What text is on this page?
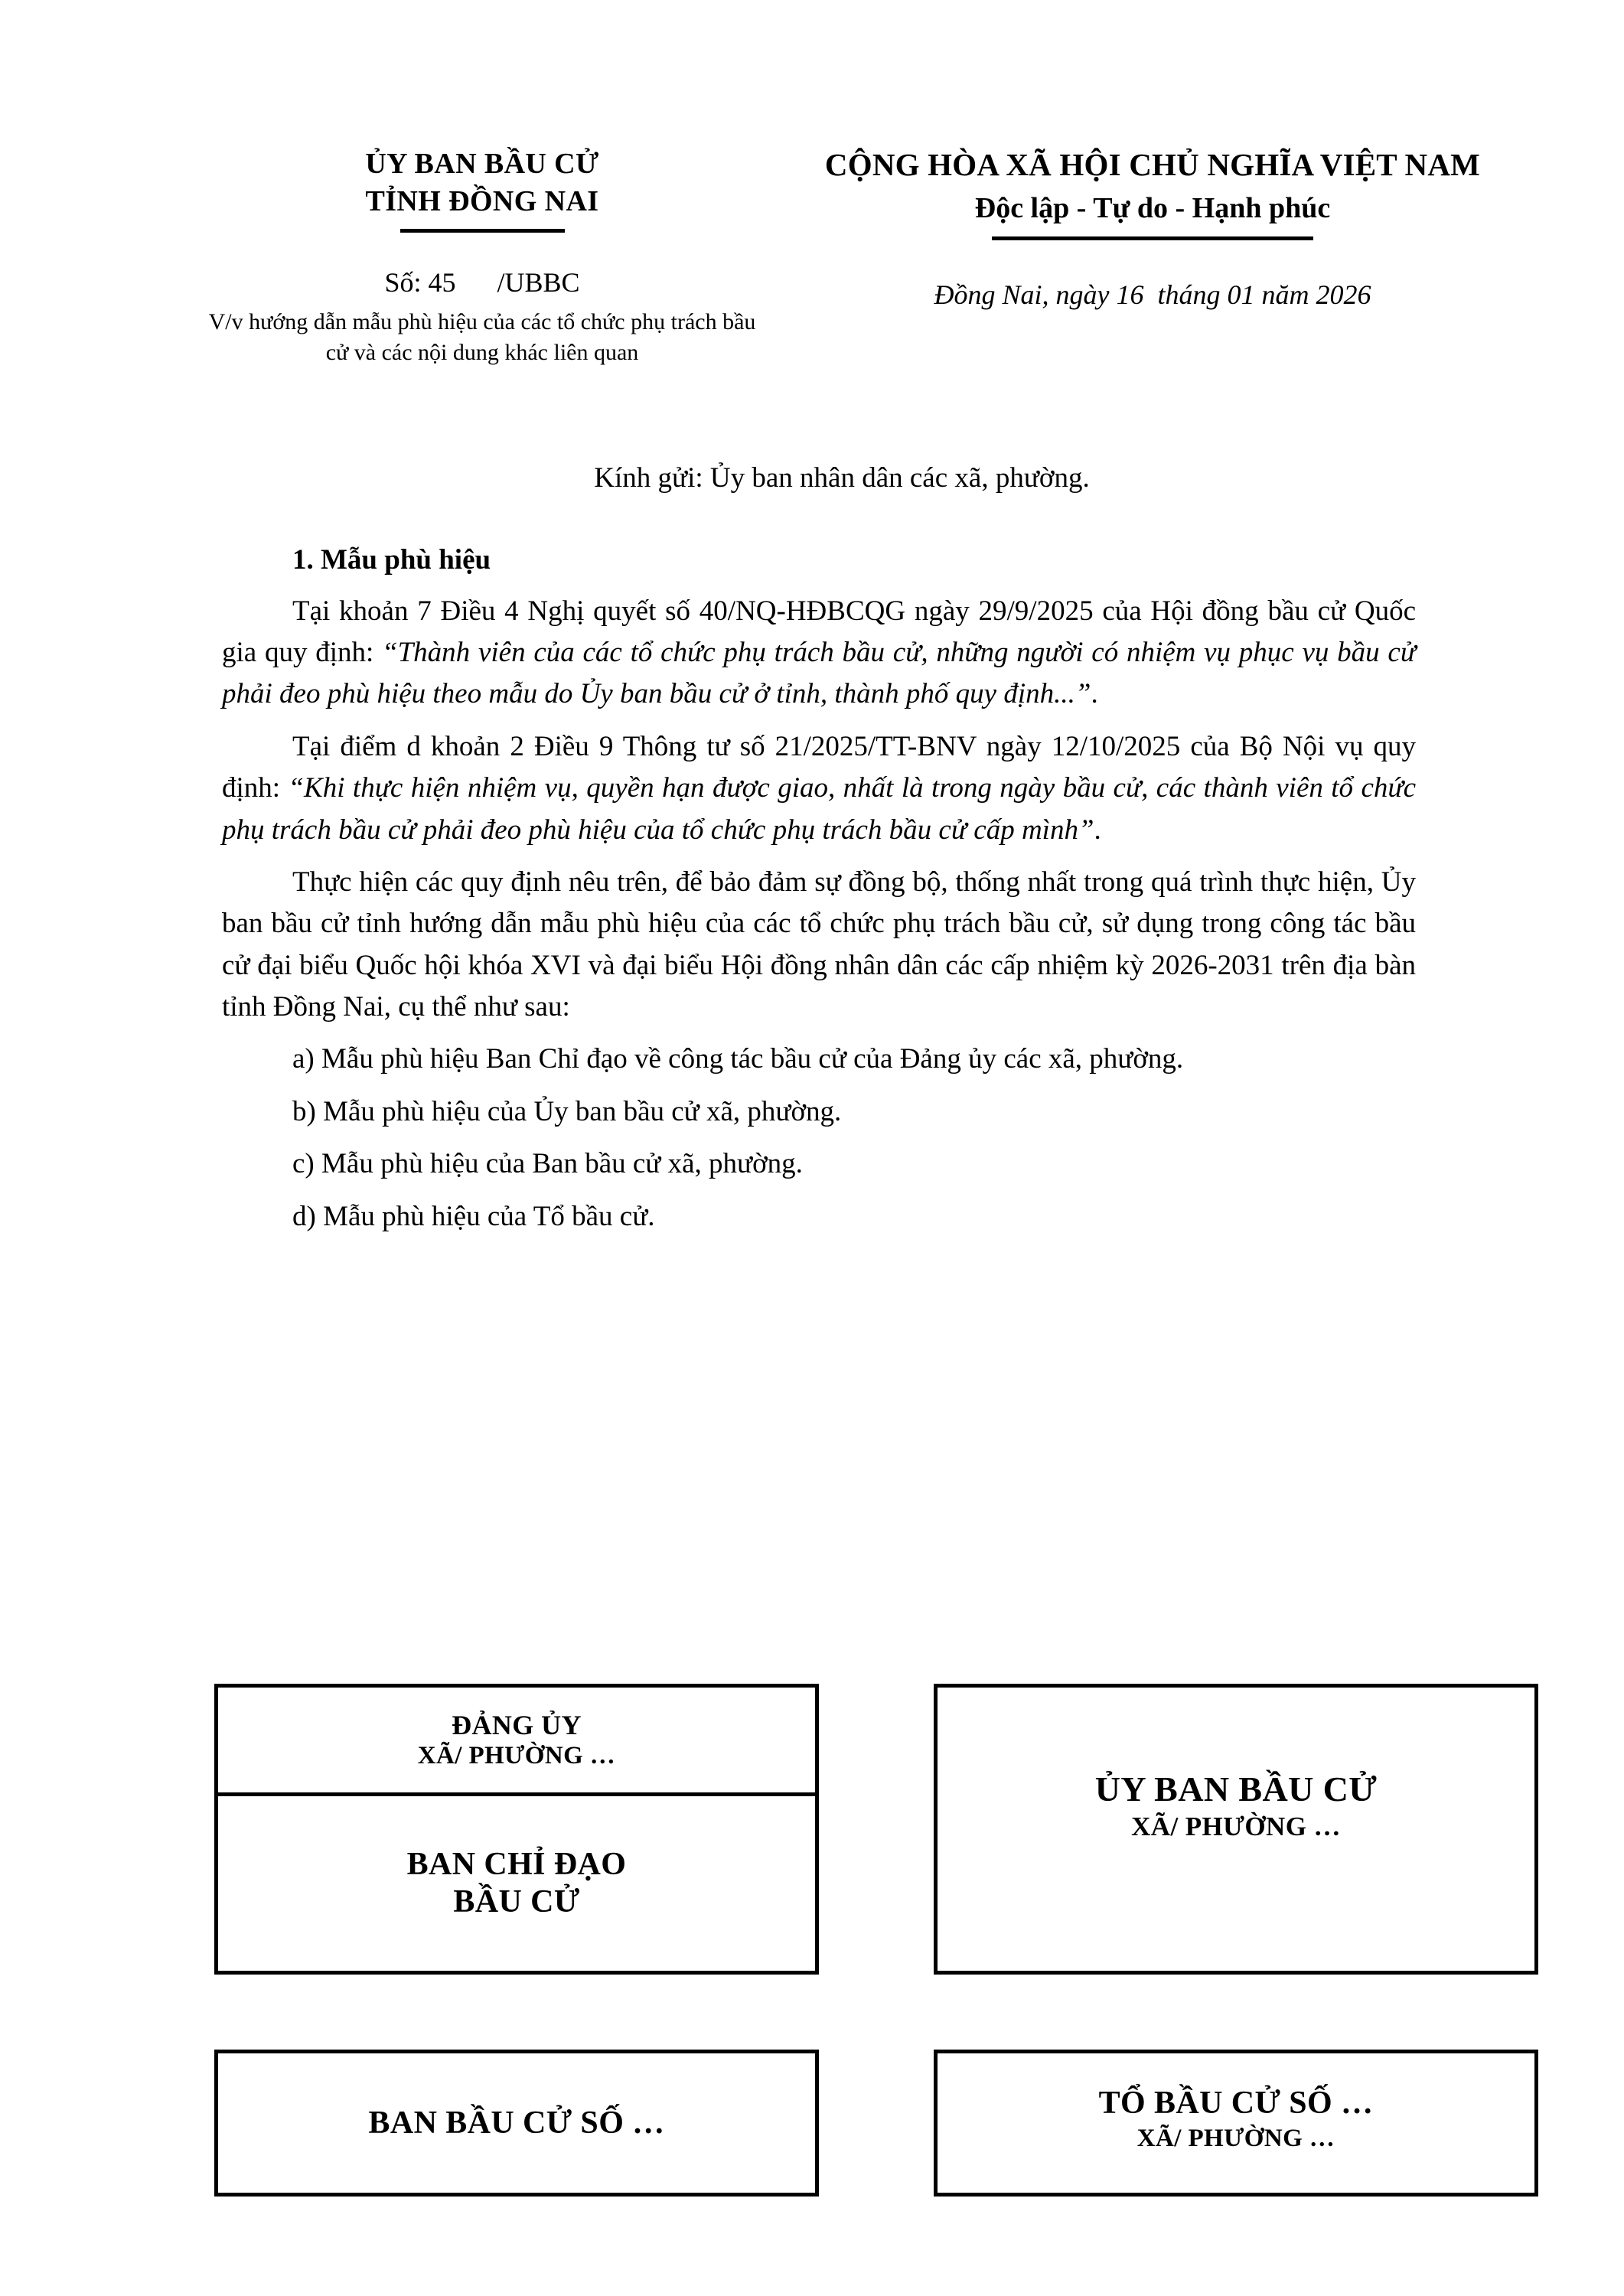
ỦY BAN BẦU CỬ
TỈNH ĐỒNG NAI
Số: 45      /UBBC
V/v hướng dẫn mẫu phù hiệu của các tổ chức phụ trách bầu cử và các nội dung khác liên quan
CỘNG HÒA XÃ HỘI CHỦ NGHĨA VIỆT NAM
Độc lập - Tự do - Hạnh phúc
Đồng Nai, ngày 16  tháng 01 năm 2026
Kính gửi: Ủy ban nhân dân các xã, phường.
1. Mẫu phù hiệu

Tại khoản 7 Điều 4 Nghị quyết số 40/NQ-HĐBCQG ngày 29/9/2025 của Hội đồng bầu cử Quốc gia quy định: “Thành viên của các tổ chức phụ trách bầu cử, những người có nhiệm vụ phục vụ bầu cử phải đeo phù hiệu theo mẫu do Ủy ban bầu cử ở tỉnh, thành phố quy định...”.

Tại điểm d khoản 2 Điều 9 Thông tư số 21/2025/TT-BNV ngày 12/10/2025 của Bộ Nội vụ quy định: “Khi thực hiện nhiệm vụ, quyền hạn được giao, nhất là trong ngày bầu cử, các thành viên tổ chức phụ trách bầu cử phải đeo phù hiệu của tổ chức phụ trách bầu cử cấp mình”.

Thực hiện các quy định nêu trên, để bảo đảm sự đồng bộ, thống nhất trong quá trình thực hiện, Ủy ban bầu cử tỉnh hướng dẫn mẫu phù hiệu của các tổ chức phụ trách bầu cử, sử dụng trong công tác bầu cử đại biểu Quốc hội khóa XVI và đại biểu Hội đồng nhân dân các cấp nhiệm kỳ 2026-2031 trên địa bàn tỉnh Đồng Nai, cụ thể như sau:

a) Mẫu phù hiệu Ban Chỉ đạo về công tác bầu cử của Đảng ủy các xã, phường.

b) Mẫu phù hiệu của Ủy ban bầu cử xã, phường.

c) Mẫu phù hiệu của Ban bầu cử xã, phường.

d) Mẫu phù hiệu của Tổ bầu cử.

ĐẢNG ỦY
XÃ/ PHƯỜNG …
BAN CHỈ ĐẠO
BẦU CỬ
ỦY BAN BẦU CỬ
XÃ/ PHƯỜNG …
BAN BẦU CỬ SỐ …
TỔ BẦU CỬ SỐ …
XÃ/ PHƯỜNG …
